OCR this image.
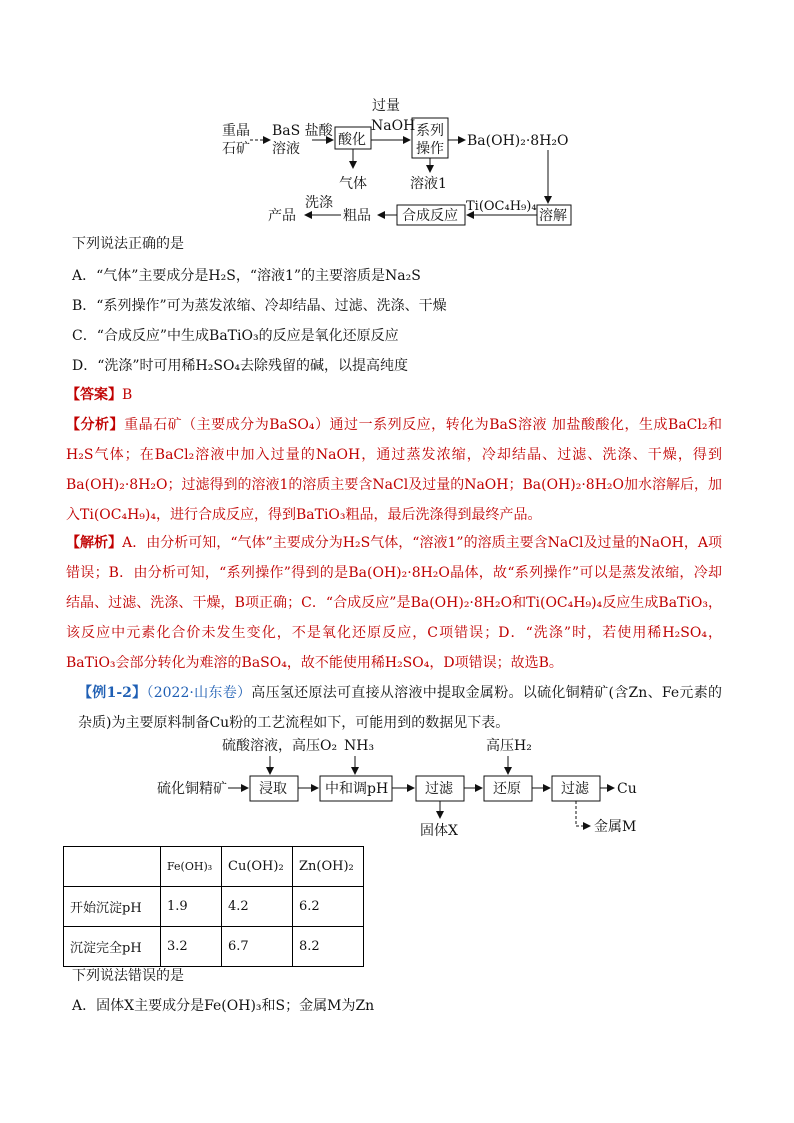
重晶
石矿
BaS 盐酸
溶液
酸化
气体
过量
NaOH 系列
操作
溶液1
Ba(OH)₂·8H₂O
溶解
Ti(OC₄H₉)₄
合成反应
粗品
洗涤
产品
下列说法正确的是
A．“气体”主要成分是H₂S，“溶液1”的主要溶质是Na₂S
B．“系列操作”可为蒸发浓缩、冷却结晶、过滤、洗涤、干燥
C．“合成反应”中生成BaTiO₃的反应是氧化还原反应
D．“洗涤”时可用稀H₂SO₄去除残留的碱，以提高纯度
【答案】B
【分析】重晶石矿（主要成分为BaSO₄）通过一系列反应，转化为BaS溶液 加盐酸酸化，生成BaCl₂和H₂S气体；在BaCl₂溶液中加入过量的NaOH，通过蒸发浓缩，冷却结晶、过滤、洗涤、干燥，得到Ba(OH)₂·8H₂O；过滤得到的溶液1的溶质主要含NaCl及过量的NaOH；Ba(OH)₂·8H₂O加水溶解后，加入Ti(OC₄H₉)₄，进行合成反应，得到BaTiO₃粗品，最后洗涤得到最终产品。
【解析】A．由分析可知，“气体”主要成分为H₂S气体，“溶液1”的溶质主要含NaCl及过量的NaOH，A项错误；B．由分析可知，“系列操作”得到的是Ba(OH)₂·8H₂O晶体，故“系列操作”可以是蒸发浓缩，冷却结晶、过滤、洗涤、干燥，B项正确；C．“合成反应”是Ba(OH)₂·8H₂O和Ti(OC₄H₉)₄反应生成BaTiO₃，该反应中元素化合价未发生变化，不是氧化还原反应，C项错误；D．“洗涤”时，若使用稀H₂SO₄，BaTiO₃会部分转化为难溶的BaSO₄，故不能使用稀H₂SO₄，D项错误；故选B。
【例1-2】（2022·山东卷）高压氢还原法可直接从溶液中提取金属粉。以硫化铜精矿(含Zn、Fe元素的杂质)为主要原料制备Cu粉的工艺流程如下，可能用到的数据见下表。
硫酸溶液，高压O₂
硫化铜精矿 浸取
NH₃
中和调pH	过滤
固体X
高压H₂
还原	过滤 Cu
金属M
	Fe(OH)₃	Cu(OH)₂	Zn(OH)₂
开始沉淀pH	1.9	4.2	6.2
沉淀完全pH	3.2	6.7	8.2
下列说法错误的是
A．固体X主要成分是Fe(OH)₃和S；金属M为Zn
